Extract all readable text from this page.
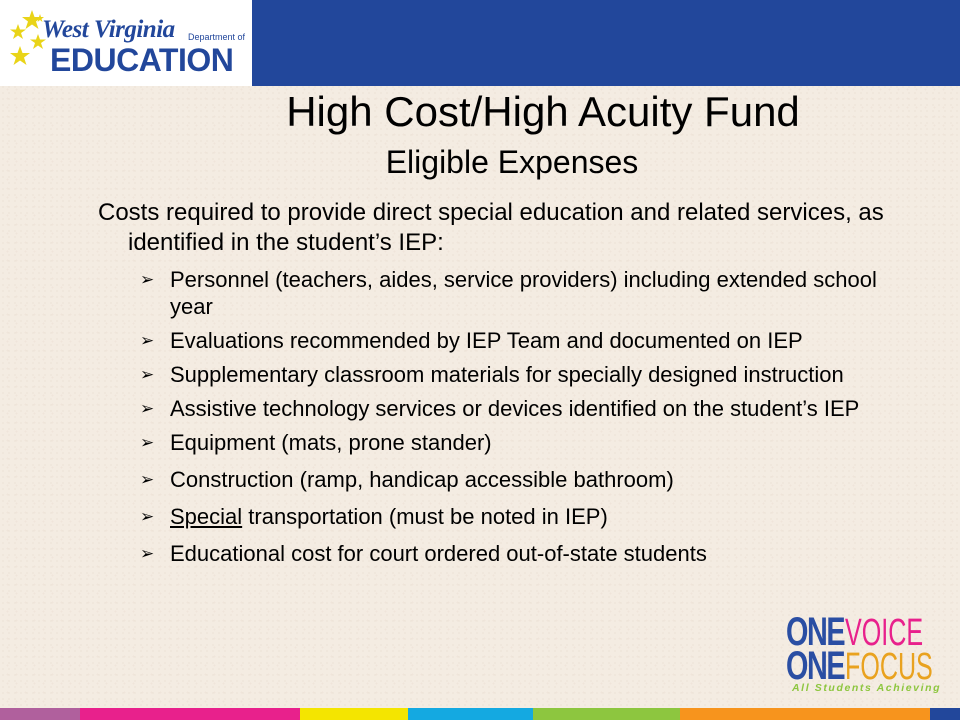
West Virginia Department of
EDUCATION
High Cost/High Acuity Fund
Eligible Expenses
Costs required to provide direct special education and related services, as identified in the student’s IEP:
➢ Personnel (teachers, aides, service providers) including extended school year
➢ Evaluations recommended by IEP Team and documented on IEP
➢ Supplementary classroom materials for specially designed instruction
➢ Assistive technology services or devices identified on the student’s IEP
➢ Equipment (mats, prone stander)
➢ Construction (ramp, handicap accessible bathroom)
➢ Special transportation (must be noted in IEP)
➢ Educational cost for court ordered out-of-state students
ONEVOICE
ONEFOCUS
All Students Achieving
